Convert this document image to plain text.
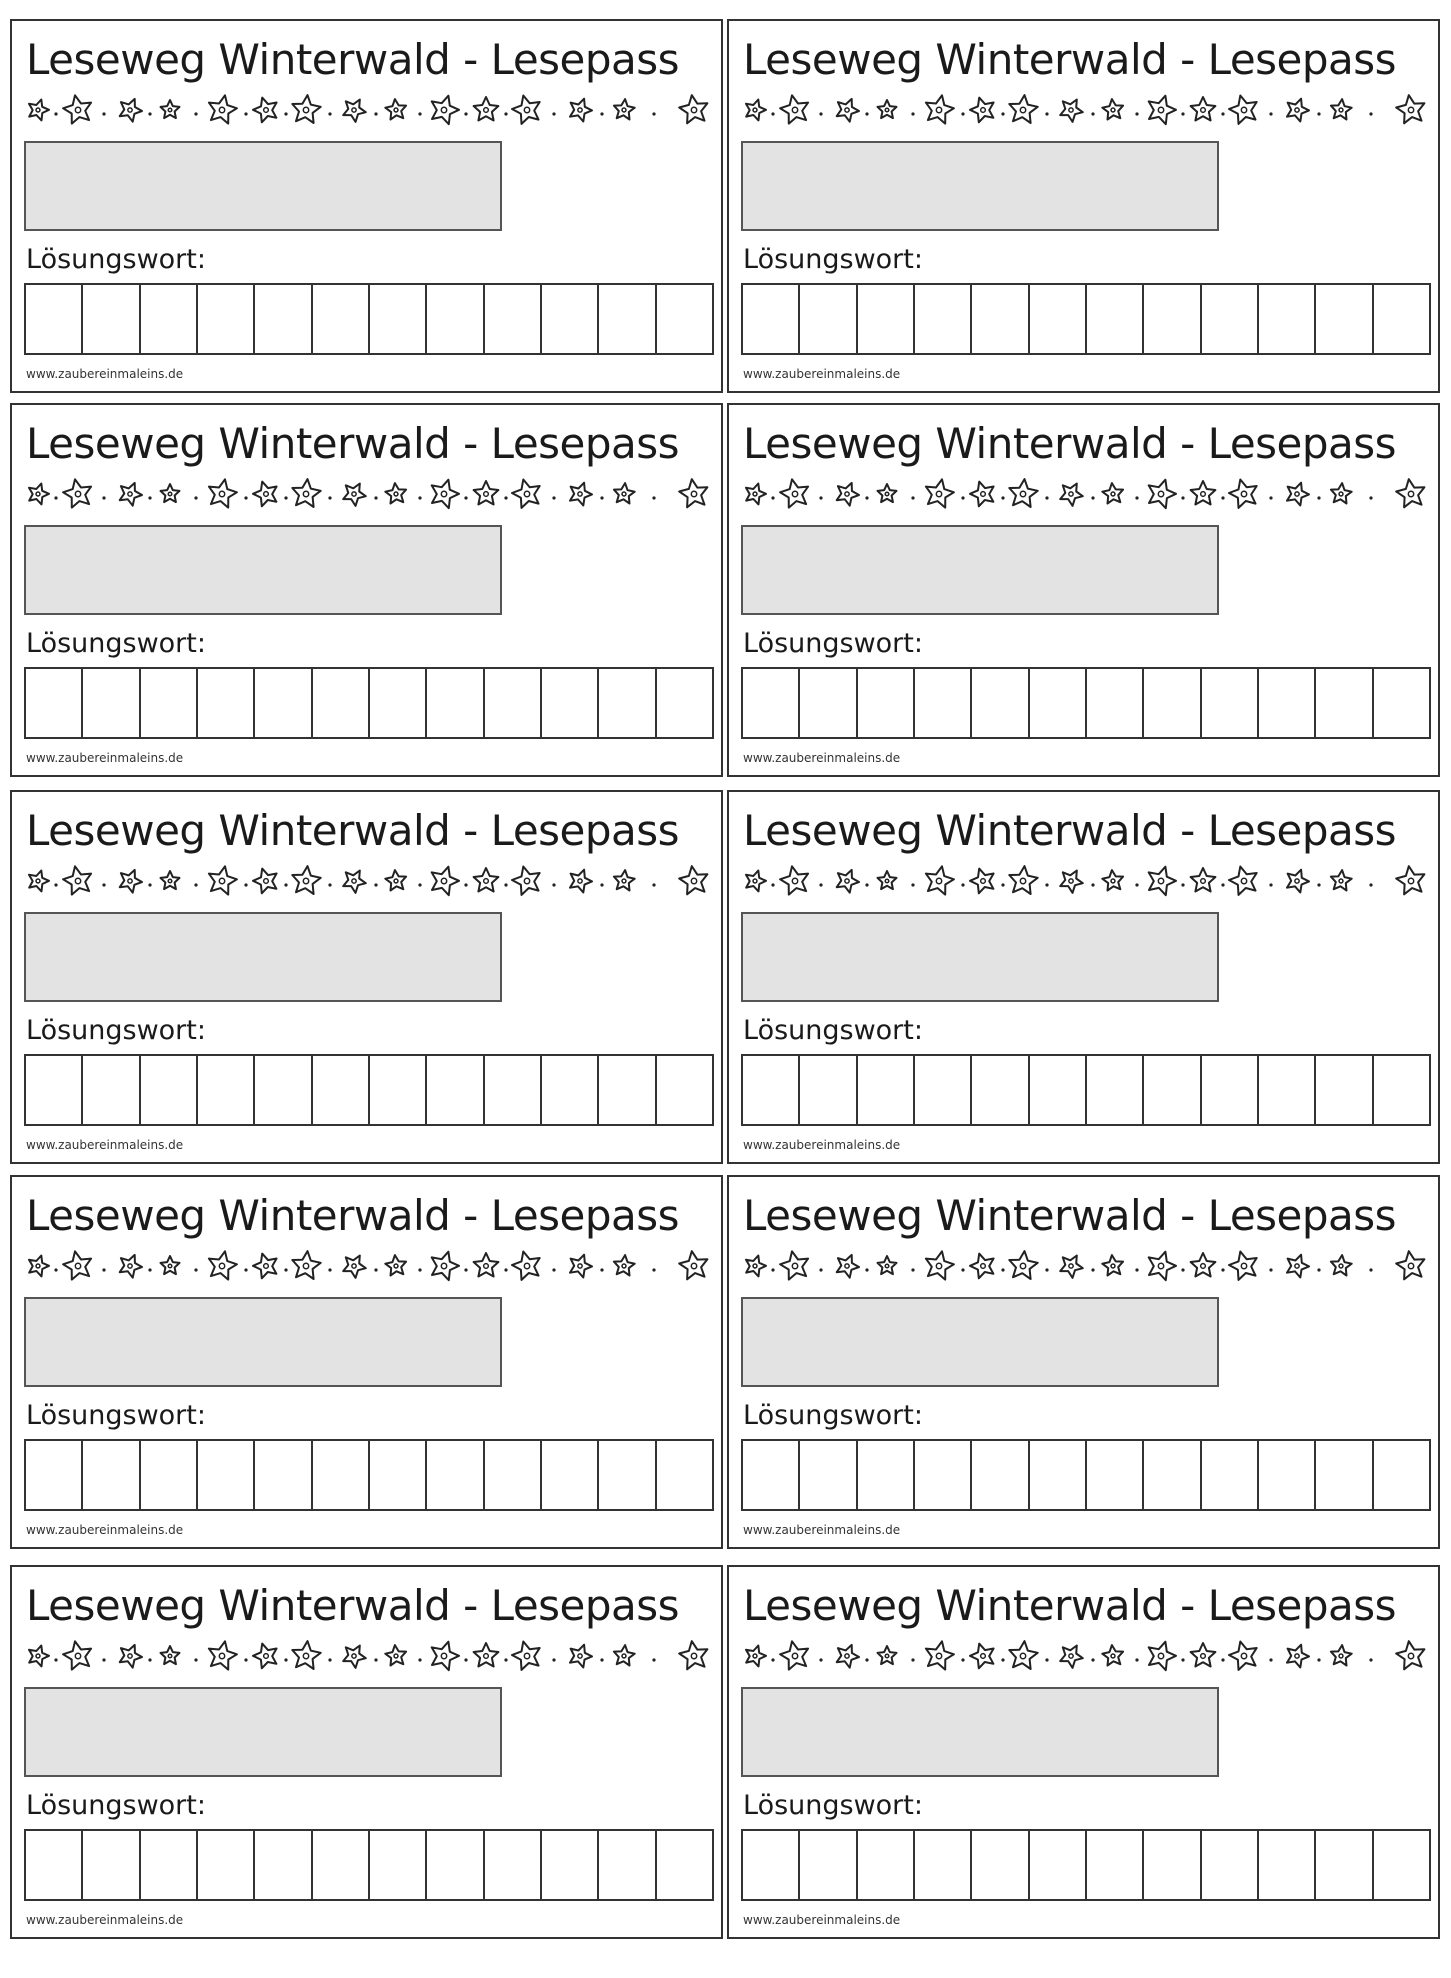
Leseweg Winterwald - Lesepass
Lösungswort:
www.zaubereinmaleins.de
Leseweg Winterwald - Lesepass
Lösungswort:
www.zaubereinmaleins.de
Leseweg Winterwald - Lesepass
Lösungswort:
www.zaubereinmaleins.de
Leseweg Winterwald - Lesepass
Lösungswort:
www.zaubereinmaleins.de
Leseweg Winterwald - Lesepass
Lösungswort:
www.zaubereinmaleins.de
Leseweg Winterwald - Lesepass
Lösungswort:
www.zaubereinmaleins.de
Leseweg Winterwald - Lesepass
Lösungswort:
www.zaubereinmaleins.de
Leseweg Winterwald - Lesepass
Lösungswort:
www.zaubereinmaleins.de
Leseweg Winterwald - Lesepass
Lösungswort:
www.zaubereinmaleins.de
Leseweg Winterwald - Lesepass
Lösungswort:
www.zaubereinmaleins.de
